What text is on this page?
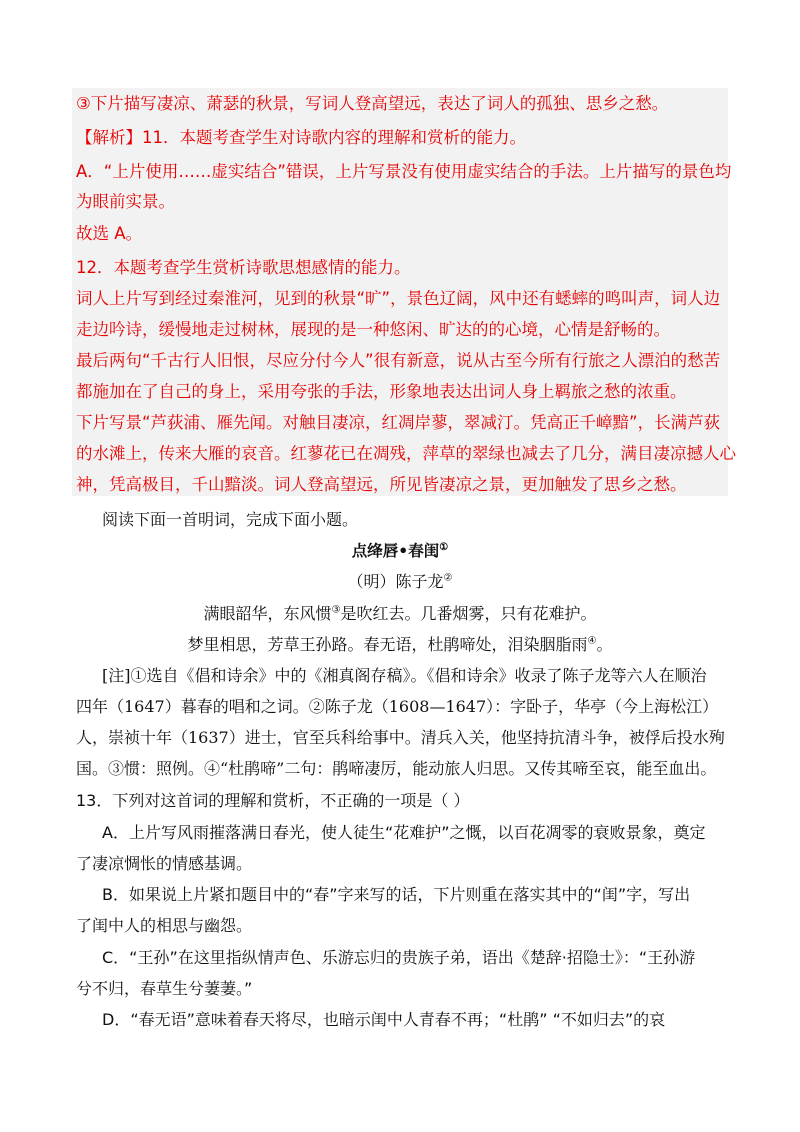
③下片描写凄凉、萧瑟的秋景，写词人登高望远，表达了词人的孤独、思乡之愁。
【解析】11．本题考查学生对诗歌内容的理解和赏析的能力。
A．“上片使用……虚实结合”错误，上片写景没有使用虚实结合的手法。上片描写的景色均
为眼前实景。
故选 A。
12．本题考查学生赏析诗歌思想感情的能力。
词人上片写到经过秦淮河，见到的秋景“旷”，景色辽阔，风中还有蟋蟀的鸣叫声，词人边
走边吟诗，缓慢地走过树林，展现的是一种悠闲、旷达的的心境，心情是舒畅的。
最后两句“千古行人旧恨，尽应分付今人”很有新意，说从古至今所有行旅之人漂泊的愁苦
都施加在了自己的身上，采用夸张的手法，形象地表达出词人身上羁旅之愁的浓重。
下片写景“芦荻浦、雁先闻。对触目凄凉，红凋岸蓼，翠减汀。凭高正千嶂黯”，长满芦荻
的水滩上，传来大雁的哀音。红蓼花已在凋残，萍草的翠绿也减去了几分，满目凄凉撼人心
神，凭高极目，千山黯淡。词人登高望远，所见皆凄凉之景，更加触发了思乡之愁。
阅读下面一首明词，完成下面小题。
点绛唇•春闺①
（明）陈子龙②
满眼韶华，东风惯③是吹红去。几番烟雾，只有花难护。
梦里相思，芳草王孙路。春无语，杜鹃啼处，泪染胭脂雨④。
[注]①选自《倡和诗余》中的《湘真阁存稿》。《倡和诗余》收录了陈子龙等六人在顺治
四年（1647）暮春的唱和之词。②陈子龙（1608—1647）：字卧子，华亭（今上海松江）
人，崇祯十年（1637）进士，官至兵科给事中。清兵入关，他坚持抗清斗争，被俘后投水殉
国。③惯：照例。④“杜鹃啼”二句：鹃啼凄厉，能动旅人归思。又传其啼至哀，能至血出。
13．下列对这首词的理解和赏析，不正确的一项是（ ）
A．上片写风雨摧落满日春光，使人徒生“花难护”之慨，以百花凋零的衰败景象，奠定
了凄凉惆怅的情感基调。
B．如果说上片紧扣题目中的“春”字来写的话，下片则重在落实其中的“闺”字，写出
了闺中人的相思与幽怨。
C．“王孙”在这里指纵情声色、乐游忘归的贵族子弟，语出《楚辞·招隐士》：“王孙游
兮不归，春草生兮萋萋。”
D．“春无语”意味着春天将尽，也暗示闺中人青春不再；“杜鹃” “不如归去”的哀
